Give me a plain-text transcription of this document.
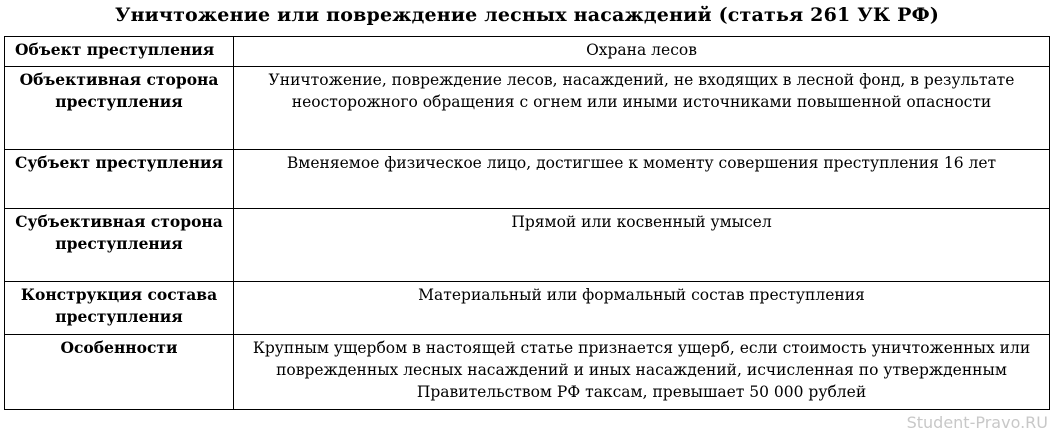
Уничтожение или повреждение лесных насаждений (статья 261 УК РФ)
Объект преступления	Охрана лесов
Объективная сторона преступления	Уничтожение, повреждение лесов, насаждений, не входящих в лесной фонд, в результате неосторожного обращения с огнем или иными источниками повышенной опасности
Субъект преступления	Вменяемое физическое лицо, достигшее к моменту совершения преступления 16 лет
Субъективная сторона преступления	Прямой или косвенный умысел
Конструкция состава преступления	Материальный или формальный состав преступления
Особенности	Крупным ущербом в настоящей статье признается ущерб, если стоимость уничтоженных или поврежденных лесных насаждений и иных насаждений, исчисленная по утвержденным Правительством РФ таксам, превышает 50 000 рублей
Student-Pravo.RU
